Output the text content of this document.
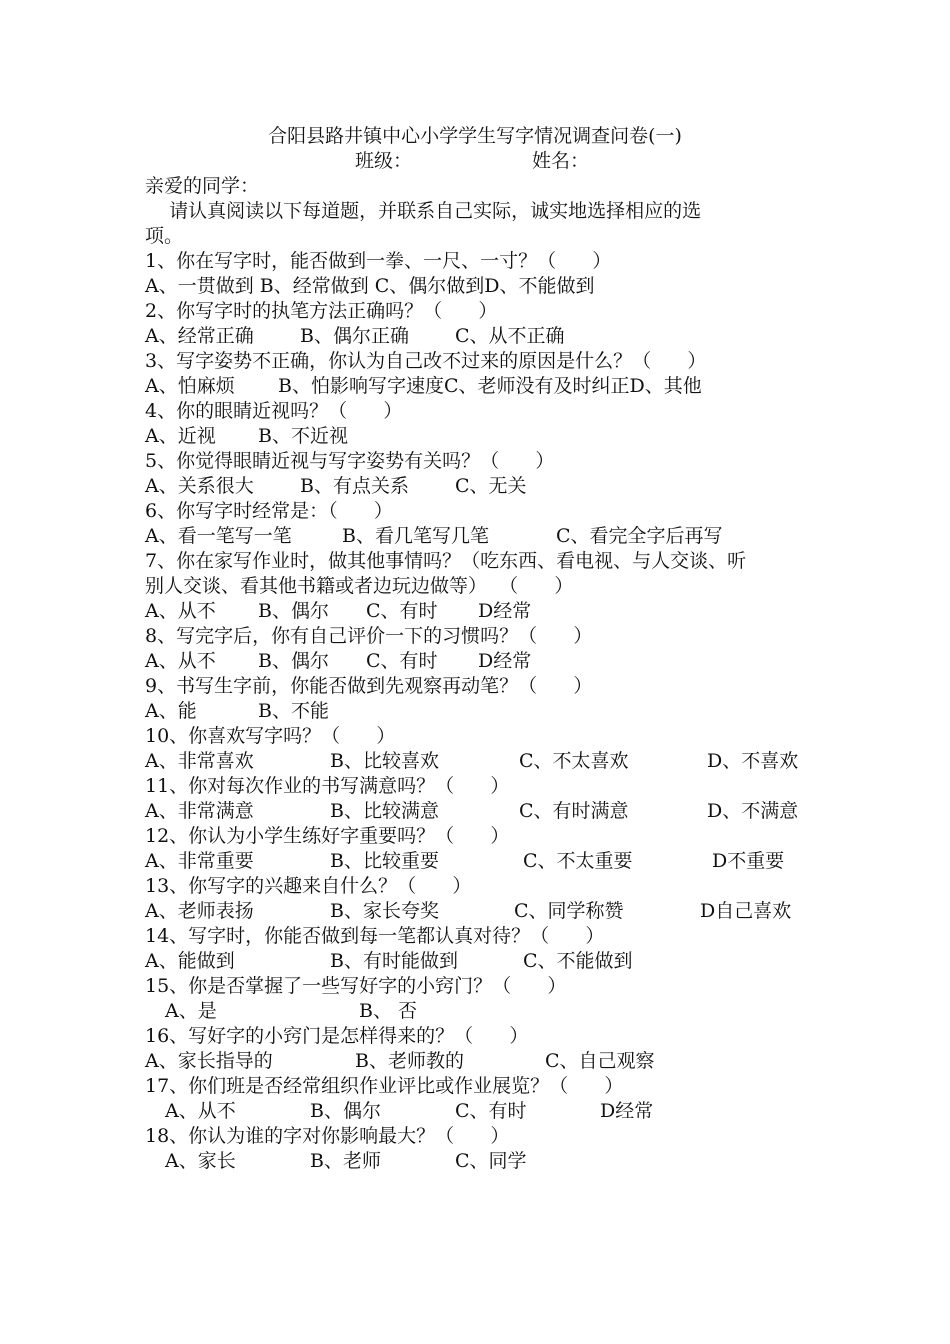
合阳县路井镇中心小学学生写字情况调查问卷(一)
班级：	姓名：
亲爱的同学：
请认真阅读以下每道题，并联系自己实际，诚实地选择相应的选
项。
1、你在写字时，能否做到一拳、一尺、一寸？（      ）
A、一贯做到 B、经常做到 C、偶尔做到D、不能做到
2、你写字时的执笔方法正确吗？（      ）
A、经常正确 B、偶尔正确 C、从不正确
3、写字姿势不正确，你认为自己改不过来的原因是什么？（      ）
A、怕麻烦 B、怕影响写字速度C、老师没有及时纠正D、其他
4、你的眼睛近视吗？（      ）
A、近视 B、不近视
5、你觉得眼睛近视与写字姿势有关吗？（      ）
A、关系很大 B、有点关系 C、无关
6、你写字时经常是：（      ）
A、看一笔写一笔	B、看几笔写几笔	C、看完全字后再写
7、你在家写作业时，做其他事情吗？（吃东西、看电视、与人交谈、听
别人交谈、看其他书籍或者边玩边做等）  （      ）
A、从不 B、偶尔 C、有时 D经常
8、写完字后，你有自己评价一下的习惯吗？（      ）
A、从不 B、偶尔 C、有时 D经常
9、书写生字前，你能否做到先观察再动笔？（      ）
A、能	B、不能
10、你喜欢写字吗？（      ）
A、非常喜欢	B、比较喜欢	C、不太喜欢	D、不喜欢
11、你对每次作业的书写满意吗？（      ）
A、非常满意	B、比较满意	C、有时满意	D、不满意
12、你认为小学生练好字重要吗？（      ）
A、非常重要	B、比较重要	C、不太重要	D不重要
13、你写字的兴趣来自什么？（      ）
A、老师表扬	B、家长夸奖	C、同学称赞	D自己喜欢
14、写字时，你能否做到每一笔都认真对待？（      ）
A、能做到	B、有时能做到	C、不能做到
15、你是否掌握了一些写好字的小窍门？（      ）
A、是	B、 否
16、写好字的小窍门是怎样得来的？（      ）
A、家长指导的	B、老师教的	C、自己观察
17、你们班是否经常组织作业评比或作业展览？（      ）
A、从不	B、偶尔	C、有时	D经常
18、你认为谁的字对你影响最大？（      ）
A、家长	B、老师	C、同学
